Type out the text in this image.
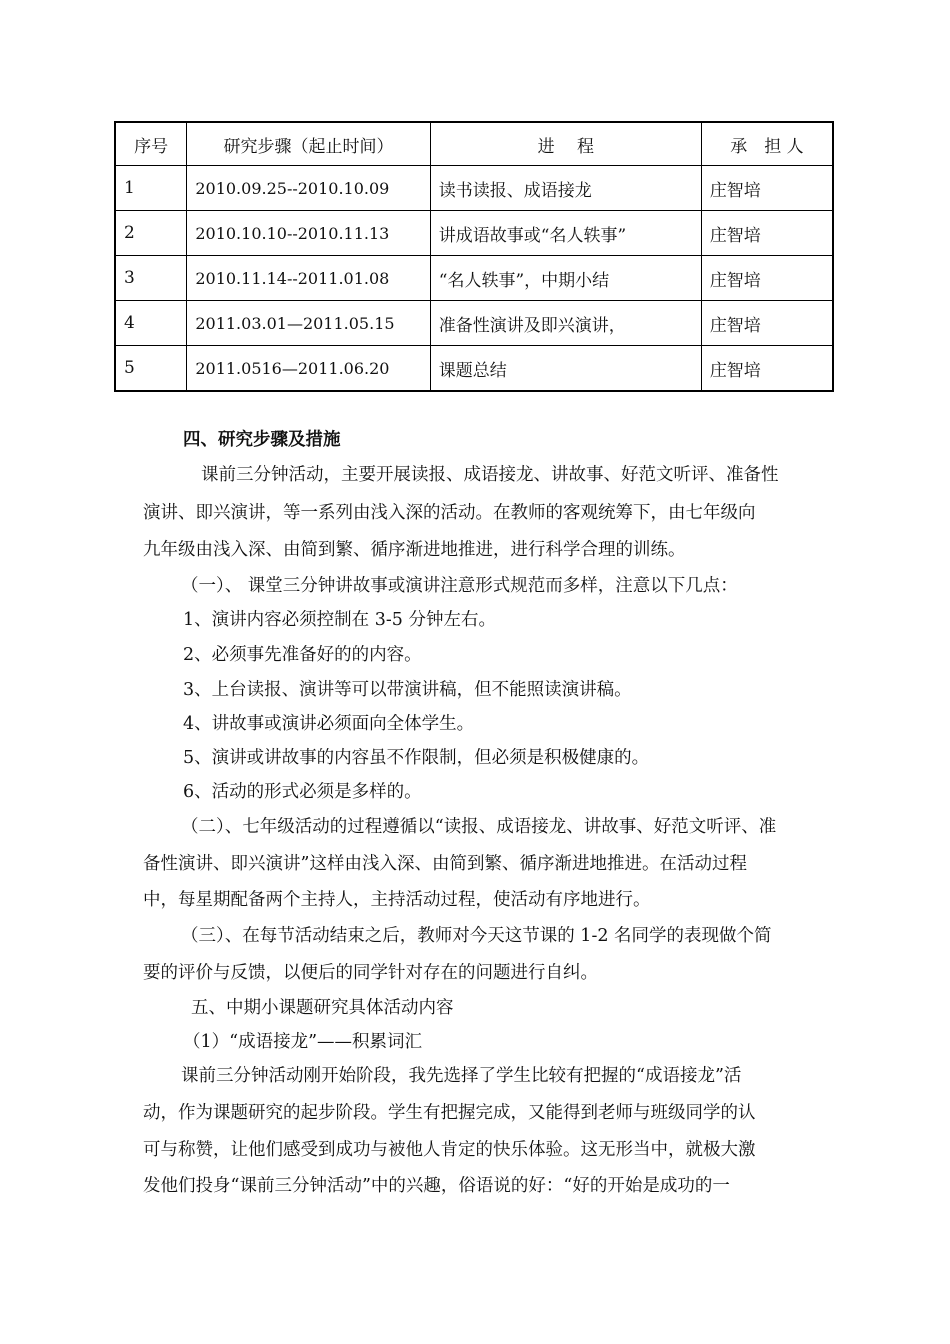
序号	研究步骤（起止时间）	进　 程	承　担 人
1	2010.09.25--2010.10.09	读书读报、成语接龙	庄智培
2	2010.10.10--2010.11.13	讲成语故事或“名人轶事”	庄智培
3	2010.11.14--2011.01.08	“名人轶事”，中期小结	庄智培
4	2011.03.01—2011.05.15	准备性演讲及即兴演讲，	庄智培
5	2011.0516—2011.06.20	课题总结	庄智培
四、研究步骤及措施
课前三分钟活动，主要开展读报、成语接龙、讲故事、好范文听评、准备性
演讲、即兴演讲，等一系列由浅入深的活动。在教师的客观统筹下，由七年级向
九年级由浅入深、由简到繁、循序渐进地推进，进行科学合理的训练。
（一）、 课堂三分钟讲故事或演讲注意形式规范而多样，注意以下几点：
1、演讲内容必须控制在 3-5 分钟左右。
2、必须事先准备好的的内容。
3、上台读报、演讲等可以带演讲稿，但不能照读演讲稿。
4、讲故事或演讲必须面向全体学生。
5、演讲或讲故事的内容虽不作限制，但必须是积极健康的。
6、活动的形式必须是多样的。
（二）、七年级活动的过程遵循以“读报、成语接龙、讲故事、好范文听评、准
备性演讲、即兴演讲”这样由浅入深、由简到繁、循序渐进地推进。在活动过程
中，每星期配备两个主持人，主持活动过程，使活动有序地进行。
（三）、在每节活动结束之后，教师对今天这节课的 1-2 名同学的表现做个简
要的评价与反馈，以便后的同学针对存在的问题进行自纠。
五、中期小课题研究具体活动内容
（1）“成语接龙”——积累词汇
课前三分钟活动刚开始阶段，我先选择了学生比较有把握的“成语接龙”活
动，作为课题研究的起步阶段。学生有把握完成，又能得到老师与班级同学的认
可与称赞，让他们感受到成功与被他人肯定的快乐体验。这无形当中，就极大激
发他们投身“课前三分钟活动”中的兴趣，俗语说的好：“好的开始是成功的一
